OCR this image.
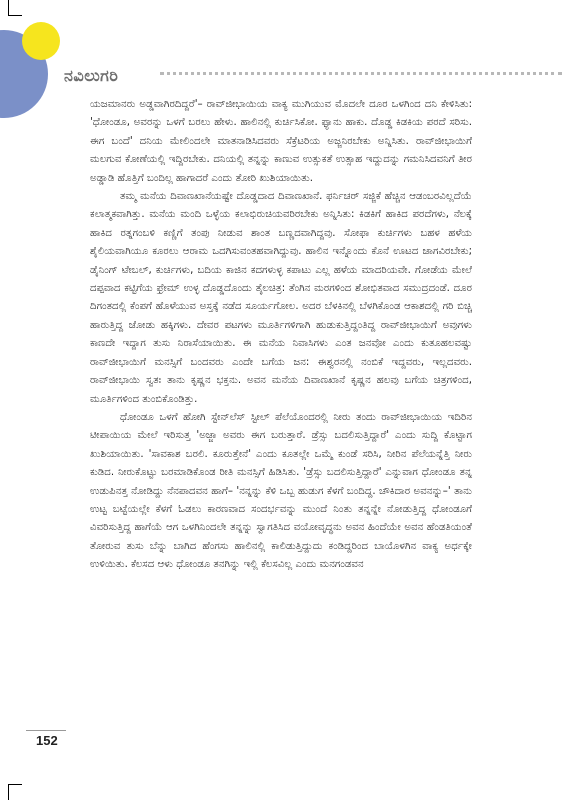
ನವಿಲುಗರಿ

ಯಜಮಾನರು ಅಡ್ಡವಾಗಿರದಿದ್ದರೆ'– ರಾವ್‌ಜೀಭಾಯಿಯ ವಾಕ್ಯ ಮುಗಿಯುವ ಮೊದಲೇ ದೂರ ಒಳಗಿಂದ ದನಿ ಕೇಳಿಸಿತು: 'ಧೋಂಡೂ, ಅವರನ್ನು ಒಳಗೆ ಬರಲು ಹೇಳು. ಹಾಲಿನಲ್ಲಿ ಕುರ್ಚಿಸಿಕೋ. ಫ್ಯಾನು ಹಾಕು. ದೊಡ್ಡ ಕಿಡಕಿಯ ಪರದೆ ಸರಿಸು. ಈಗ ಬಂದೆ' ದನಿಯ ಮೇಲಿಂದಲೇ ಮಾತನಾಡಿಸಿದವರು ಸೆಕ್ರೆಟರಿಯ ಅಜ್ಜನಿರಬೇಕು ಅನ್ನಿಸಿತು. ರಾವ್‌ಜೀಭಾಯಿಗೆ ಮಲಗುವ ಕೋಣೆಯಲ್ಲಿ ಇದ್ದಿರಬೇಕು. ದನಿಯಲ್ಲಿ ತನ್ನನ್ನು ಕಾಣುವ ಉತ್ಸುಕತೆ ಉತ್ಸಾಹ ಇದ್ದುದನ್ನು ಗಮನಿಸಿದವನಿಗೆ ತೀರ ಅಡ್ಡಾಡಿ ಹೊತ್ತಿಗೆ ಬಂದಿಲ್ಲ ಹಾಗಾದರೆ ಎಂದು ತೋರಿ ಖುಶಿಯಾಯಿತು.

ತಮ್ಮ ಮನೆಯ ದಿವಾಣಖಾನೆಯಷ್ಟೇ ದೊಡ್ಡದಾದ ದಿವಾಣಖಾನೆ. ಫರ್ನಿಚರ್ ಸಜ್ಜಿಕೆ ಹೆಚ್ಚಿನ ಆಡಂಬರವಿಲ್ಲದೆಯೆ ಕಲಾತ್ಮಕವಾಗಿತ್ತು. ಮನೆಯ ಮಂದಿ ಒಳ್ಳೆಯ ಕಲಾಭಿರುಚಿಯವರಿರಬೇಕು ಅನ್ನಿಸಿತು: ಕಿಡಕಿಗೆ ಹಾಕಿದ ಪರದೆಗಳು, ನೆಲಕ್ಕೆ ಹಾಕಿದ ರತ್ನಗಂಬಳಿ ಕಣ್ಣಿಗೆ ತಂಪು ನೀಡುವ ಶಾಂತ ಬಣ್ಣದವಾಗಿದ್ದವು. ಸೋಫಾ ಕುರ್ಚಿಗಳು ಬಹಳ ಹಳೆಯ ಶೈಲಿಯವಾಗಿಯೂ ಕೂರಲು ಆರಾಮ ಒದಗಿಸುವಂತಹವಾಗಿದ್ದುವು. ಹಾಲಿನ ಇನ್ನೊಂದು ಕೊನೆ ಊಟದ ಜಾಗವಿರಬೇಕು; ಡೈನಿಂಗ್ ಟೇಬಲ್, ಕುರ್ಚಿಗಳು, ಬದಿಯ ಕಾಜಿನ ಕದಗಳುಳ್ಳ ಕಪಾಟು ಎಲ್ಲ ಹಳೆಯ ಮಾದರಿಯವೇ. ಗೋಡೆಯ ಮೇಲೆ ದಪ್ಪವಾದ ಕಟ್ಟಿಗೆಯ ಫ್ರೇಮ್ ಉಳ್ಳ ದೊಡ್ಡದೊಂದು ತೈಲಚಿತ್ರ: ತೆಂಗಿನ ಮರಗಳಿಂದ ಶೋಭಿತವಾದ ಸಮುದ್ರದಂಡೆ. ದೂರ ದಿಗಂತದಲ್ಲಿ ಕೆಂಪಗೆ ಹೊಳೆಯುವ ಅಸ್ತಕ್ಕೆ ನಡೆದ ಸೂರ್ಯಗೋಲ. ಅದರ ಬೆಳಕಿನಲ್ಲಿ ಬೆಳಗಿಕೊಂಡ ಆಕಾಶದಲ್ಲಿ ಗರಿ ಬಿಚ್ಚಿ ಹಾರುತ್ತಿದ್ದ ಜೋಡು ಹಕ್ಕಿಗಳು. ದೇವರ ಪಟಗಳು ಮೂರ್ತಿಗಳಿಗಾಗಿ ಹುಡುಕುತ್ತಿದ್ದಂತಿದ್ದ ರಾವ್‌ಜೀಭಾಯಿಗೆ ಅವುಗಳು ಕಾಣದೇ ಇದ್ದಾಗ ತುಸು ನಿರಾಸೆಯಾಯಿತು. ಈ ಮನೆಯ ನಿವಾಸಿಗಳು ಎಂತ ಜನವೋ ಎಂದು ಕುತೂಹಲವಷ್ಟು ರಾವ್‌ಜೀಭಾಯಿಗೆ ಮನಸ್ಸಿಗೆ ಬಂದವರು ಎಂದೇ ಬಗೆಯ ಜನ: ಈಶ್ವರನಲ್ಲಿ ನಂಬಿಕೆ ಇದ್ದವರು, ಇಲ್ಲದವರು. ರಾವ್‌ಜೀಭಾಯಿ ಸ್ವತಃ ತಾನು ಕೃಷ್ಣನ ಭಕ್ತನು. ಅವನ ಮನೆಯ ದಿವಾಣಖಾನೆ ಕೃಷ್ಣನ ಹಲವು ಬಗೆಯ ಚಿತ್ರಗಳಿಂದ, ಮೂರ್ತಿಗಳಿಂದ ತುಂಬಿಕೊಂಡಿತ್ತು.

ಧೋಂಡೂ ಒಳಗೆ ಹೋಗಿ ಸ್ಟೇನ್‌ಲೆಸ್ ಸ್ಟೀಲ್ ಪೆಲೆಯೊಂದರಲ್ಲಿ ನೀರು ತಂದು ರಾವ್‌ಜೀಭಾಯಿಯ ಇದಿರಿನ ಟೀಪಾಯಿಯ ಮೇಲೆ ಇರಿಸುತ್ತ 'ಅಜ್ಜಾ ಅವರು ಈಗ ಬರುತ್ತಾರೆ. ಡ್ರೆಸ್ಸು ಬದಲಿಸುತ್ತಿದ್ದಾರೆ' ಎಂದು ಸುದ್ದಿ ಕೊಟ್ಟಾಗ ಖುಶಿಯಾಯಿತು. 'ಸಾವಕಾಶ ಬರಲಿ. ಕೂರುತ್ತೇನೆ' ಎಂದು ಕೂತಲ್ಲೇ ಒಮ್ಮೆ ಕುಂಡೆ ಸರಿಸಿ, ನೀರಿನ ಪೆಲೆಯನ್ನೆತ್ತಿ ನೀರು ಕುಡಿದ. ನೀರುಕೊಟ್ಟು ಬರಮಾಡಿಕೊಂಡ ರೀತಿ ಮನಸ್ಸಿಗೆ ಹಿಡಿಸಿತು. 'ಡ್ರೆಸ್ಸು ಬದಲಿಸುತ್ತಿದ್ದಾರೆ' ಎನ್ನುವಾಗ ಧೋಂಡೂ ತನ್ನ ಉಡುಪಿನತ್ತ ನೋಡಿದ್ದು ನೆನಪಾದವನ ಹಾಗೆ– 'ನನ್ನನ್ನು ಕೆಳಿ ಒಬ್ಬ ಹುಡುಗ ಕೆಳಗೆ ಬಂದಿದ್ದ. ಚೌಕಿದಾರ ಅವನನ್ನು–' ತಾನು ಉಟ್ಟ ಬಟ್ಟೆಯಲ್ಲೇ ಕೆಳಗೆ ಓಡಲು ಕಾರಣವಾದ ಸಂದರ್ಭವನ್ನು ಮುಂದೆ ನಿಂತು ತನ್ನನ್ನೇ ನೋಡುತ್ತಿದ್ದ ಧೋಂಡೂಗೆ ವಿವರಿಸುತ್ತಿದ್ದ ಹಾಗೆಯೆ ಆಗ ಒಳಗಿನಿಂದಲೇ ತನ್ನನ್ನು ಸ್ವಾಗತಿಸಿದ ವಯೋವೃದ್ಧನು ಅವನ ಹಿಂದೆಯೇ ಅವನ ಹೆಂಡತಿಯಂತೆ ತೋರುವ ತುಸು ಬೆನ್ನು ಬಾಗಿದ ಹೆಂಗಸು ಹಾಲಿನಲ್ಲಿ ಕಾಲಿಡುತ್ತಿದ್ದುದು ಕಂಡಿದ್ದರಿಂದ ಬಾಯೊಳಗಿನ ವಾಕ್ಯ ಅರ್ಧಕ್ಕೇ ಉಳಿಯಿತು. ಕೆಲಸದ ಆಳು ಧೋಂಡೂ ತನಗಿನ್ನು ಇಲ್ಲಿ ಕೆಲಸವಿಲ್ಲ ಎಂದು ಮನಗಂಡವನ

152
